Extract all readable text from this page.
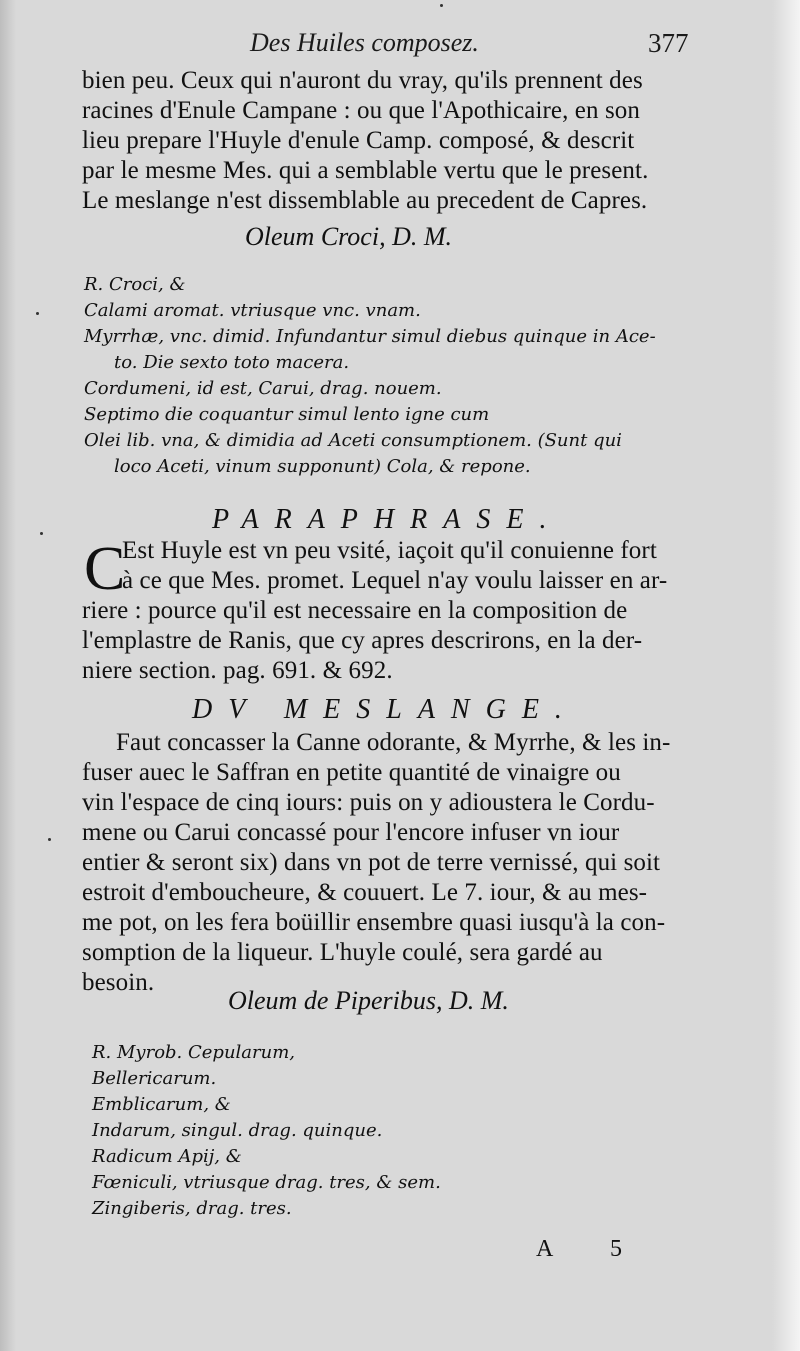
Des Huiles composez.	377
bien peu. Ceux qui n'auront du vray, qu'ils prennent des
racines d'Enule Campane : ou que l'Apothicaire, en son
lieu prepare l'Huyle d'enule Camp. composé, & descrit
par le mesme Mes. qui a semblable vertu que le present.
Le meslange n'est dissemblable au precedent de Capres.
Oleum Croci, D. M.
R. Croci, &
Calami aromat. vtriusque vnc. vnam.
Myrrhæ, vnc. dimid. Infundantur simul diebus quinque in Ace-
to. Die sexto toto macera.
Cordumeni, id est, Carui, drag. nouem.
Septimo die coquantur simul lento igne cum
Olei lib. vna, & dimidia ad Aceti consumptionem. (Sunt qui
loco Aceti, vinum supponunt) Cola, & repone.
PARAPHRASE.
C
Est Huyle est vn peu vsité, iaçoit qu'il conuienne fort
à ce que Mes. promet. Lequel n'ay voulu laisser en ar-
riere : pource qu'il est necessaire en la composition de
l'emplastre de Ranis, que cy apres descrirons, en la der-
niere section. pag. 691. & 692.
DV MESLANGE.
Faut concasser la Canne odorante, & Myrrhe, & les in-
fuser auec le Saffran en petite quantité de vinaigre ou
vin l'espace de cinq iours: puis on y adioustera le Cordu-
mene ou Carui concassé pour l'encore infuser vn iour
entier & seront six) dans vn pot de terre vernissé, qui soit
estroit d'embouchеure, & couuert. Le 7. iour, & au mes-
me pot, on les fera boüillir ensembre quasi iusqu'à la con-
somption de la liqueur. L'huyle coulé, sera gardé au
besoin.
Oleum de Piperibus, D. M.
R. Myrob. Cepularum,
Bellericarum.
Emblicarum, &
Indarum, singul. drag. quinque.
Radicum Apij, &
Fœniculi, vtriusque drag. tres, & sem.
Zingiberis, drag. tres.
A 5
